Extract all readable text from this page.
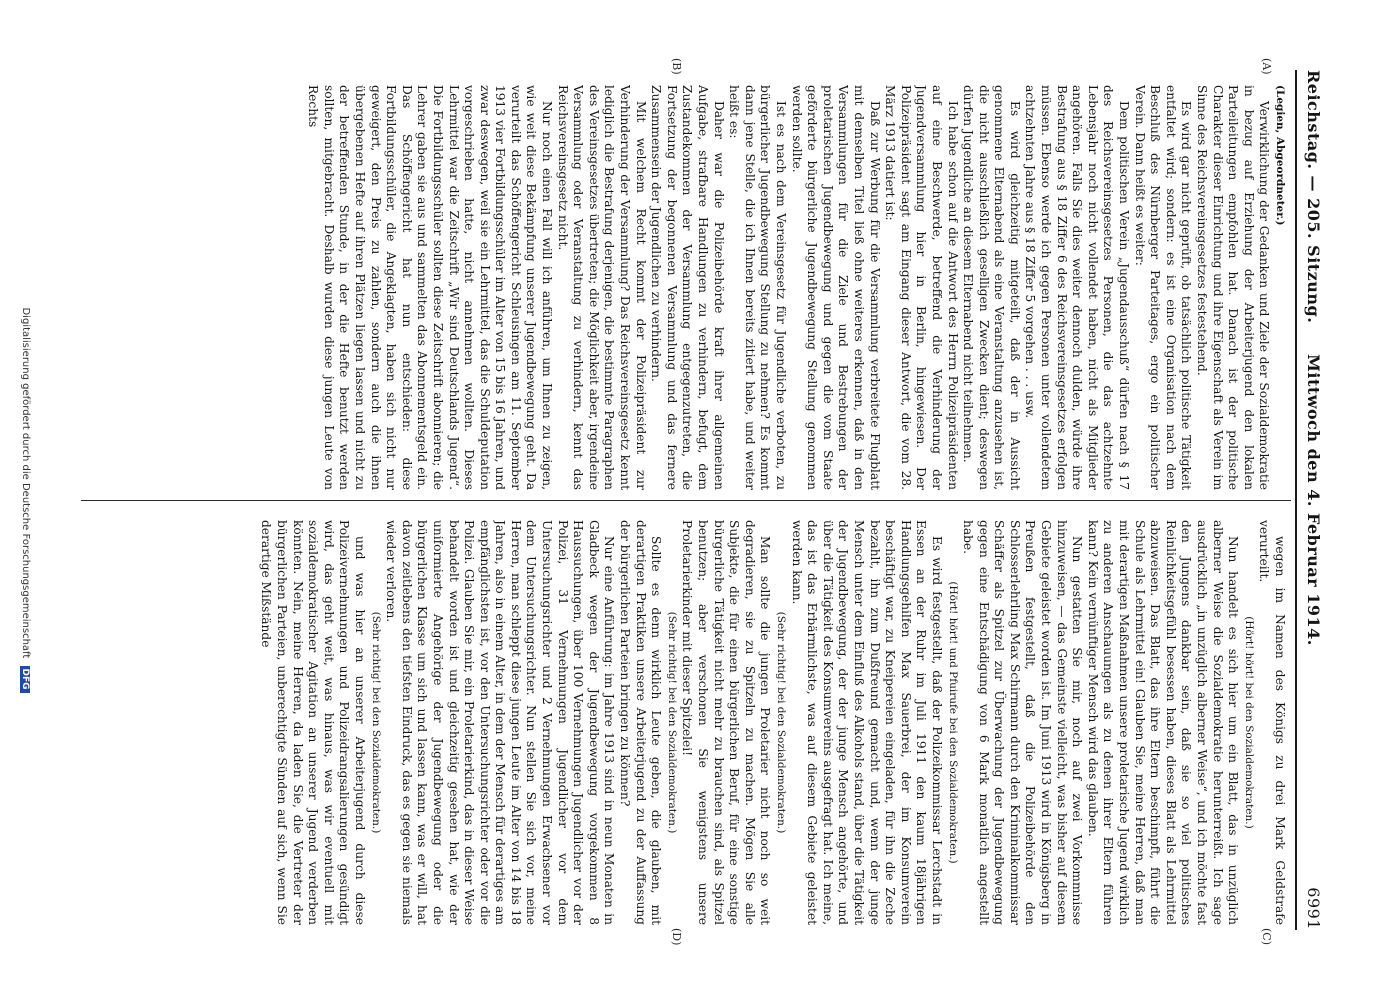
Reichstag. — 205. Sitzung.
Mittwoch den 4. Februar 1914.
6991
(A)
(B)
(C)
(D)

(Legien, Abgeordneter.)

Verwirklichung der Gedanken und Ziele der Sozialdemokratie in bezug auf Erziehung der Arbeiterjugend den lokalen Parteileitungen empfohlen hat. Danach ist der politische Charakter dieser Einrichtung und ihre Eigenschaft als Verein im Sinne des Reichsvereinsgesetzes festestehend.

Es wird gar nicht geprüft, ob tatsächlich politische Tätigkeit entfaltet wird; sondern: es ist eine Organisation nach dem Beschluß des Nürnberger Parteitages, ergo ein politischer Verein. Dann heißt es weiter:

Dem politischen Verein „Jugendausschuß“ dürfen nach § 17 des Reichsvereinsgesetzes Personen, die das achtzehnte Lebensjahr noch nicht vollendet haben, nicht als Mitglieder angehören. Falls Sie dies weiter dennoch dulden, würde ihre Bestrafung aus § 18 Ziffer 6 des Reichsvereinsgesetzes erfolgen müssen. Ebenso werde ich gegen Personen unter vollendetem achtzehnten Jahre aus § 18 Ziffer 5 vorgehen . . . usw.

Es wird gleichzeitig mitgeteilt, daß der in Aussicht genommene Elternabend als eine Veranstaltung anzusehen ist, die nicht ausschließlich geselligen Zwecken dient; deswegen dürfen Jugendliche an diesem Elternabend nicht teilnehmen.

Ich habe schon auf die Antwort des Herrn Polizeipräsidenten auf eine Beschwerde, betreffend die Verhinderung der Jugendversammlung hier in Berlin, hingewiesen. Der Polizeipräsident sagt am Eingang dieser Antwort, die vom 28. März 1913 datiert ist:

Daß zur Werbung für die Versammlung verbreitete Flugblatt mit demselben Titel ließ ohne weiteres erkennen, daß in den Versammlungen für die Ziele und Bestrebungen der proletarischen Jugendbewegung und gegen die vom Staate geförderte bürgerliche Jugendbewegung Stellung genommen werden sollte.

Ist es nach dem Vereinsgesetz für Jugendliche verboten, zu bürgerlicher Jugendbewegung Stellung zu nehmen? Es kommt dann jene Stelle, die ich Ihnen bereits zitiert habe, und weiter heißt es:

Daher war die Polizeibehörde kraft ihrer allgemeinen Aufgabe, strafbare Handlungen zu verhindern, befugt, dem Zustandekommen der Versammlung entgegenzutreten, die Fortsetzung der begonnenen Versammlung und das fernere Zusammensein der Jugendlichen zu verhindern.

Mit welchem Recht kommt der Polizeipräsident zur Verhinderung der Versammlung? Das Reichsvereinsgesetz kennt lediglich die Bestrafung derjenigen, die bestimmte Paragraphen des Vereinsgesetzes übertreten; die Möglichkeit aber, irgendeine Versammlung oder Veranstaltung zu verhindern, kennt das Reichsvereinsgesetz nicht.

Nur noch einen Fall will ich anführen, um Ihnen zu zeigen, wie weit diese Bekämpfung unserer Jugendbewegung geht. Da verurteilt das Schöffengericht Schleusingen am 11. September 1913 vier Fortbildungsschüler im Alter von 15 bis 16 Jahren, und zwar deswegen, weil sie ein Lehrmittel, das die Schuldeputation vorgeschrieben hatte, nicht annehmen wollten. Dieses Lehrmittel war die Zeitschrift „Wir sind Deutschlands Jugend“. Die Fortbildungsschüler sollten diese Zeitschrift abonnieren; die Lehrer gaben sie aus und sammelten das Abonnementsgeld ein. Das Schöffengericht hat nun entschieden: diese Fortbildungsschüler, die Angeklagten, haben sich nicht nur geweigert, den Preis zu zahlen, sondern auch die ihnen übergebenen Hefte auf ihren Plätzen liegen lassen und nicht zu der betreffenden Stunde, in der die Hefte benutzt werden sollten, mitgebracht. Deshalb wurden diese jungen Leute von Rechts

wegen im Namen des Königs zu drei Mark Geldstrafe verurteilt.

(Hört! hört! bei den Sozialdemokraten.)

Nun handelt es sich hier um ein Blatt, das in unzüglich alberner Weise die Sozialdemokratie herunterreißt. Ich sage ausdrücklich „in unzüglich alberner Weise“, und ich möchte fast den Jungens dankbar sein, daß sie so viel politisches Reinlichkeitsgefühl besessen haben, dieses Blatt als Lehrmittel abzuweisen. Das Blatt, das ihre Eltern beschimpft, führt die Schule als Lehrmittel ein! Glauben Sie, meine Herren, daß man mit derartigen Maßnahmen unsere proletarische Jugend wirklich zu anderen Anschauungen als zu denen ihrer Eltern führen kann? Kein vernünftiger Mensch wird das glauben.

Nun gestatten Sie mir, noch auf zwei Vorkommnisse hinzuweisen, — das Gemeinste vielleicht, was bisher auf diesem Gebiete geleistet worden ist. Im Juni 1913 wird in Königsberg in Preußen festgestellt, daß die Polizeibehörde den Schlosserlehrling Max Schirmann durch den Kriminalkommissar Schäffer als Spitzel zur Überwachung der Jugendbewegung gegen eine Entschädigung von 6 Mark monatlich angestellt habe.

(Hört! hört! und Pfuirufe bei den Sozialdemokraten.)

Es wird festgestellt, daß der Polizeikommissar Lerchstadt in Essen an der Ruhr im Juli 1911 den kaum 18jährigen Handlungsgehilfen Max Sauerbrei, der im Konsumverein beschäftigt war, zu Kneipereien eingeladen, für ihn die Zeche bezahlt, ihn zum Dußfreund gemacht und, wenn der junge Mensch unter dem Einfluß des Alkohols stand, über die Tätigkeit der Jugendbewegung, der der junge Mensch angehörte, und über die Tätigkeit des Konsumvereins ausgefragt hat. Ich meine, das ist das Erbärmlichste, was auf diesem Gebiete geleistet werden kann.

(Sehr richtig! bei den Sozialdemokraten.)

Man sollte die jungen Proletarier nicht noch so weit degradieren, sie zu Spitzeln zu machen. Mögen Sie alle Subjekte, die für einen bürgerlichen Beruf, für eine sonstige bürgerliche Tätigkeit nicht mehr zu brauchen sind, als Spitzel benutzen; aber verschonen Sie wenigstens unsere Proletarierkinder mit dieser Spitzelei!

(Sehr richtig! bei den Sozialdemokraten.)

Sollte es denn wirklich Leute geben, die glauben, mit derartigen Praktiken unsere Arbeiterjugend zu der Auffassung der bürgerlichen Parteien bringen zu können?

Nur eine Anführung: im Jahre 1913 sind in neun Monaten in Gladbeck wegen der Jugendbewegung vorgekommen 8 Haussuchungen, über 100 Vernehmungen Jugendlicher vor der Polizei, 31 Vernehmungen Jugendlicher vor dem Untersuchungsrichter und 2 Vernehmungen Erwachsener vor dem Untersuchungsrichter. Nun stellen Sie sich vor, meine Herren, man schleppt diese jungen Leute im Alter von 14 bis 18 Jahren, also in einem Alter, in dem der Mensch für derartiges am empfänglichsten ist, vor den Untersuchungsrichter oder vor die Polizei. Glauben Sie mir, ein Proletarierkind, das in dieser Weise behandelt worden ist und gleichzeitig gesehen hat, wie der uniformierte Angehörige der Jugendbewegung oder die bürgerlichen Klasse um sich und lassen kann, was er will, hat davon zeitlebens den tiefsten Eindruck, das es gegen sie niemals wieder verloren.

(Sehr richtig! bei den Sozialdemokraten.)

und was hier an unserer Arbeiterjugend durch diese Polizeivernehmungen und Polizeidrangsalierungen gesündigt wird, das geht weit, was hinaus, was wir eventuell mit sozialdemokratischer Agitation an unserer Jugend verderben könnten. Nein, meine Herren, da laden Sie, die Vertreter der bürgerlichen Parteien, unberechtigte Sünden auf sich, wenn Sie derartige Mißstände

Digitalisierung gefördert durch die Deutsche Forschungsgemeinschaft DFG
